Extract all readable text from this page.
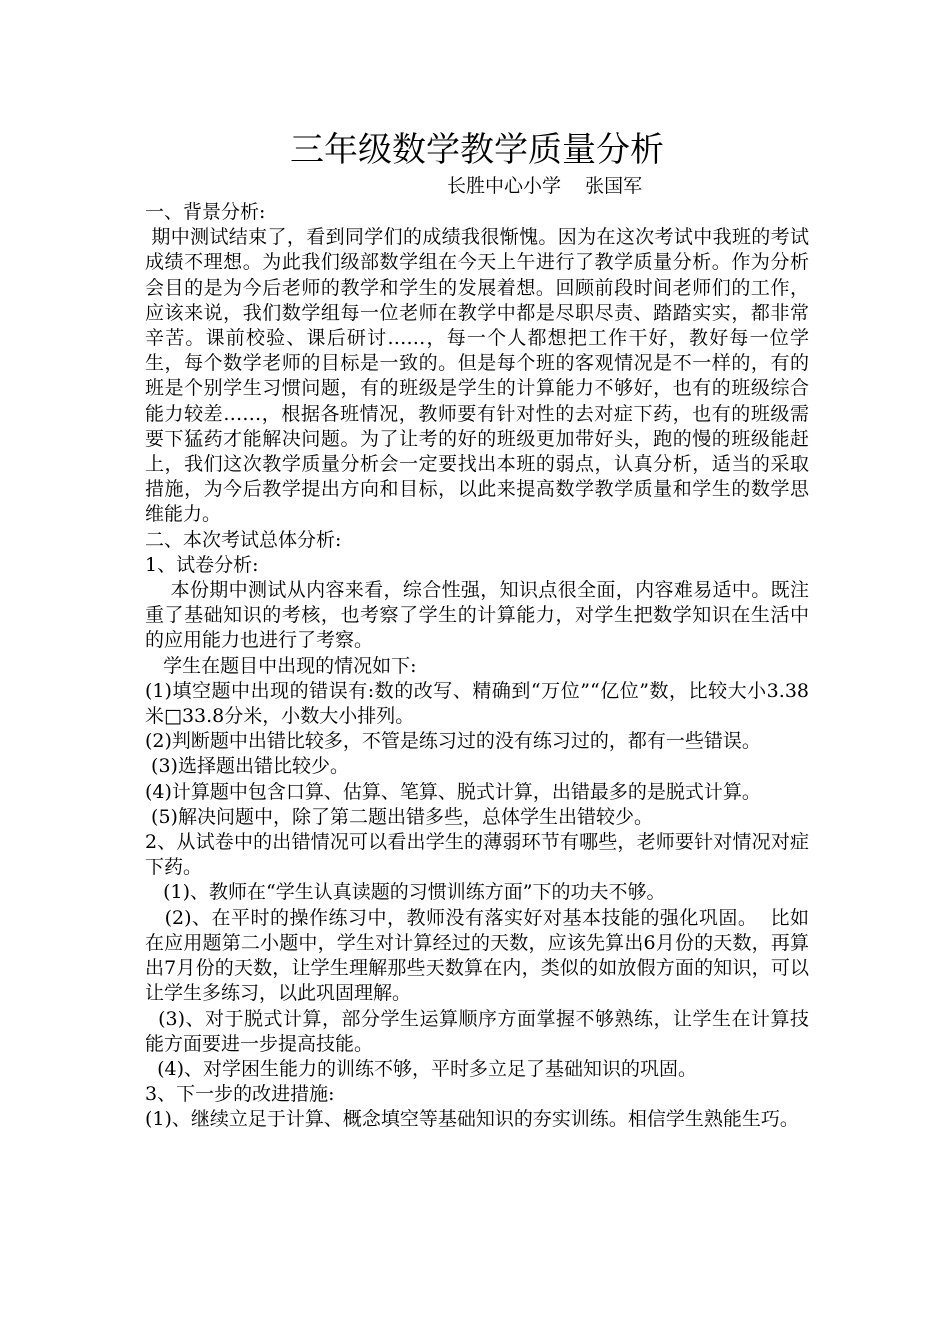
三年级数学教学质量分析
长胜中心小学    张国军

一、背景分析:

期中测试结束了，看到同学们的成绩我很惭愧。因为在这次考试中我班的考试成绩不理想。为此我们级部数学组在今天上午进行了教学质量分析。作为分析会目的是为今后老师的教学和学生的发展着想。回顾前段时间老师们的工作，应该来说，我们数学组每一位老师在教学中都是尽职尽责、踏踏实实，都非常辛苦。课前校验、课后研讨……，每一个人都想把工作干好，教好每一位学生，每个数学老师的目标是一致的。但是每个班的客观情况是不一样的，有的班是个别学生习惯问题，有的班级是学生的计算能力不够好，也有的班级综合能力较差……，根据各班情况，教师要有针对性的去对症下药，也有的班级需要下猛药才能解决问题。为了让考的好的班级更加带好头，跑的慢的班级能赶上，我们这次教学质量分析会一定要找出本班的弱点，认真分析，适当的采取措施，为今后教学提出方向和目标，以此来提高数学教学质量和学生的数学思维能力。

二、本次考试总体分析:

1、试卷分析:

本份期中测试从内容来看，综合性强，知识点很全面，内容难易适中。既注重了基础知识的考核，也考察了学生的计算能力，对学生把数学知识在生活中的应用能力也进行了考察。

学生在题目中出现的情况如下:

(1)填空题中出现的错误有:数的改写、精确到“万位”“亿位”数，比较大小3.38米□33.8分米，小数大小排列。

(2)判断题中出错比较多，不管是练习过的没有练习过的，都有一些错误。

(3)选择题出错比较少。

(4)计算题中包含口算、估算、笔算、脱式计算，出错最多的是脱式计算。

(5)解决问题中，除了第二题出错多些，总体学生出错较少。

2、从试卷中的出错情况可以看出学生的薄弱环节有哪些，老师要针对情况对症下药。

(1)、教师在“学生认真读题的习惯训练方面”下的功夫不够。

(2)、在平时的操作练习中，教师没有落实好对基本技能的强化巩固。  比如在应用题第二小题中，学生对计算经过的天数，应该先算出6月份的天数，再算出7月份的天数，让学生理解那些天数算在内，类似的如放假方面的知识，可以让学生多练习，以此巩固理解。

(3)、对于脱式计算，部分学生运算顺序方面掌握不够熟练，让学生在计算技能方面要进一步提高技能。

(4)、对学困生能力的训练不够，平时多立足了基础知识的巩固。

3、下一步的改进措施:

(1)、继续立足于计算、概念填空等基础知识的夯实训练。相信学生熟能生巧。
